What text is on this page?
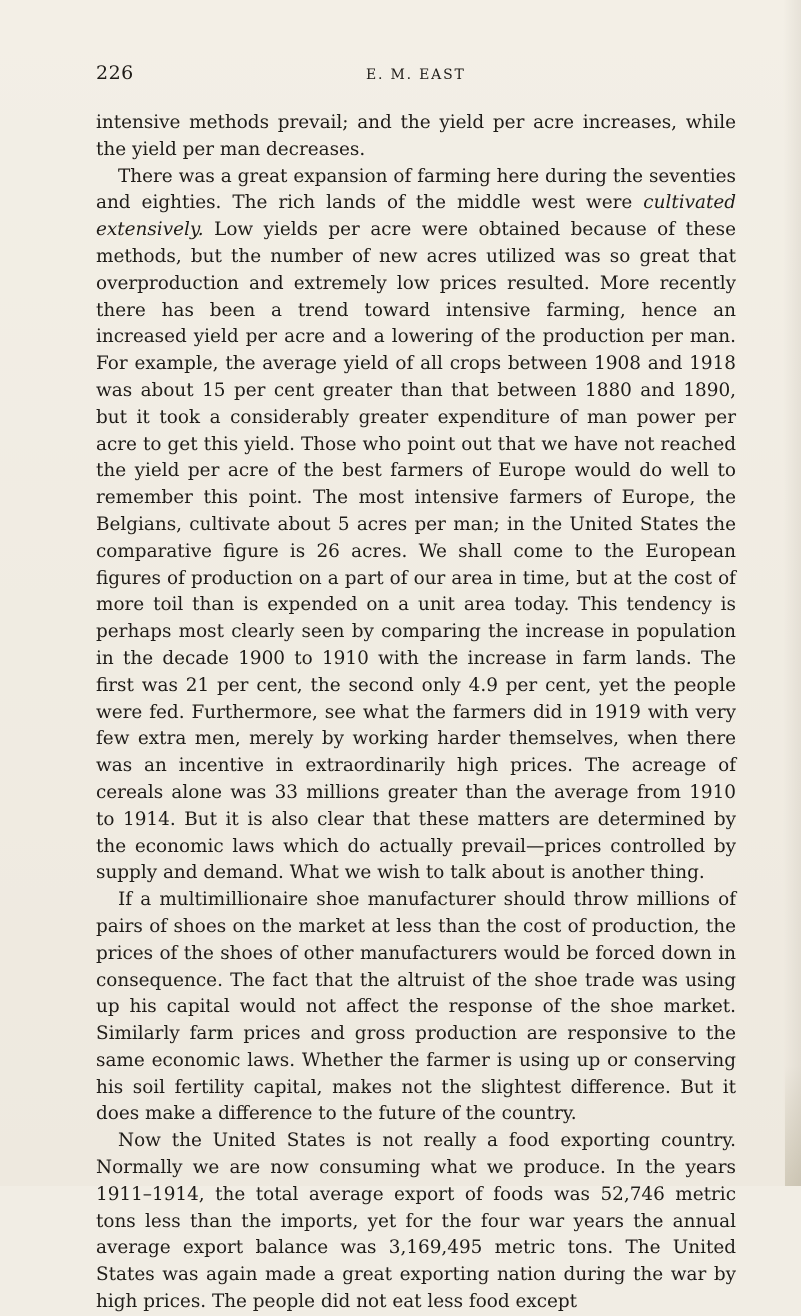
226	E. M. EAST

intensive methods prevail; and the yield per acre increases, while the yield per man decreases.

There was a great expansion of farming here during the seventies and eighties. The rich lands of the middle west were cultivated extensively. Low yields per acre were obtained because of these methods, but the number of new acres utilized was so great that overproduction and extremely low prices resulted. More recently there has been a trend toward intensive farming, hence an increased yield per acre and a lowering of the production per man. For example, the average yield of all crops between 1908 and 1918 was about 15 per cent greater than that between 1880 and 1890, but it took a considerably greater expenditure of man power per acre to get this yield. Those who point out that we have not reached the yield per acre of the best farmers of Europe would do well to remember this point. The most intensive farmers of Europe, the Belgians, cultivate about 5 acres per man; in the United States the comparative figure is 26 acres. We shall come to the European figures of production on a part of our area in time, but at the cost of more toil than is expended on a unit area today. This tendency is perhaps most clearly seen by comparing the increase in population in the decade 1900 to 1910 with the increase in farm lands. The first was 21 per cent, the second only 4.9 per cent, yet the people were fed. Furthermore, see what the farmers did in 1919 with very few extra men, merely by working harder themselves, when there was an incentive in extraordinarily high prices. The acreage of cereals alone was 33 millions greater than the average from 1910 to 1914. But it is also clear that these matters are determined by the economic laws which do actually prevail—prices controlled by supply and demand. What we wish to talk about is another thing.

If a multimillionaire shoe manufacturer should throw millions of pairs of shoes on the market at less than the cost of production, the prices of the shoes of other manufacturers would be forced down in consequence. The fact that the altruist of the shoe trade was using up his capital would not affect the response of the shoe market. Similarly farm prices and gross production are responsive to the same economic laws. Whether the farmer is using up or conserving his soil fertility capital, makes not the slightest difference. But it does make a difference to the future of the country.

Now the United States is not really a food exporting country. Normally we are now consuming what we produce. In the years 1911–1914, the total average export of foods was 52,746 metric tons less than the imports, yet for the four war years the annual average export balance was 3,169,495 metric tons. The United States was again made a great exporting nation during the war by high prices. The people did not eat less food except
